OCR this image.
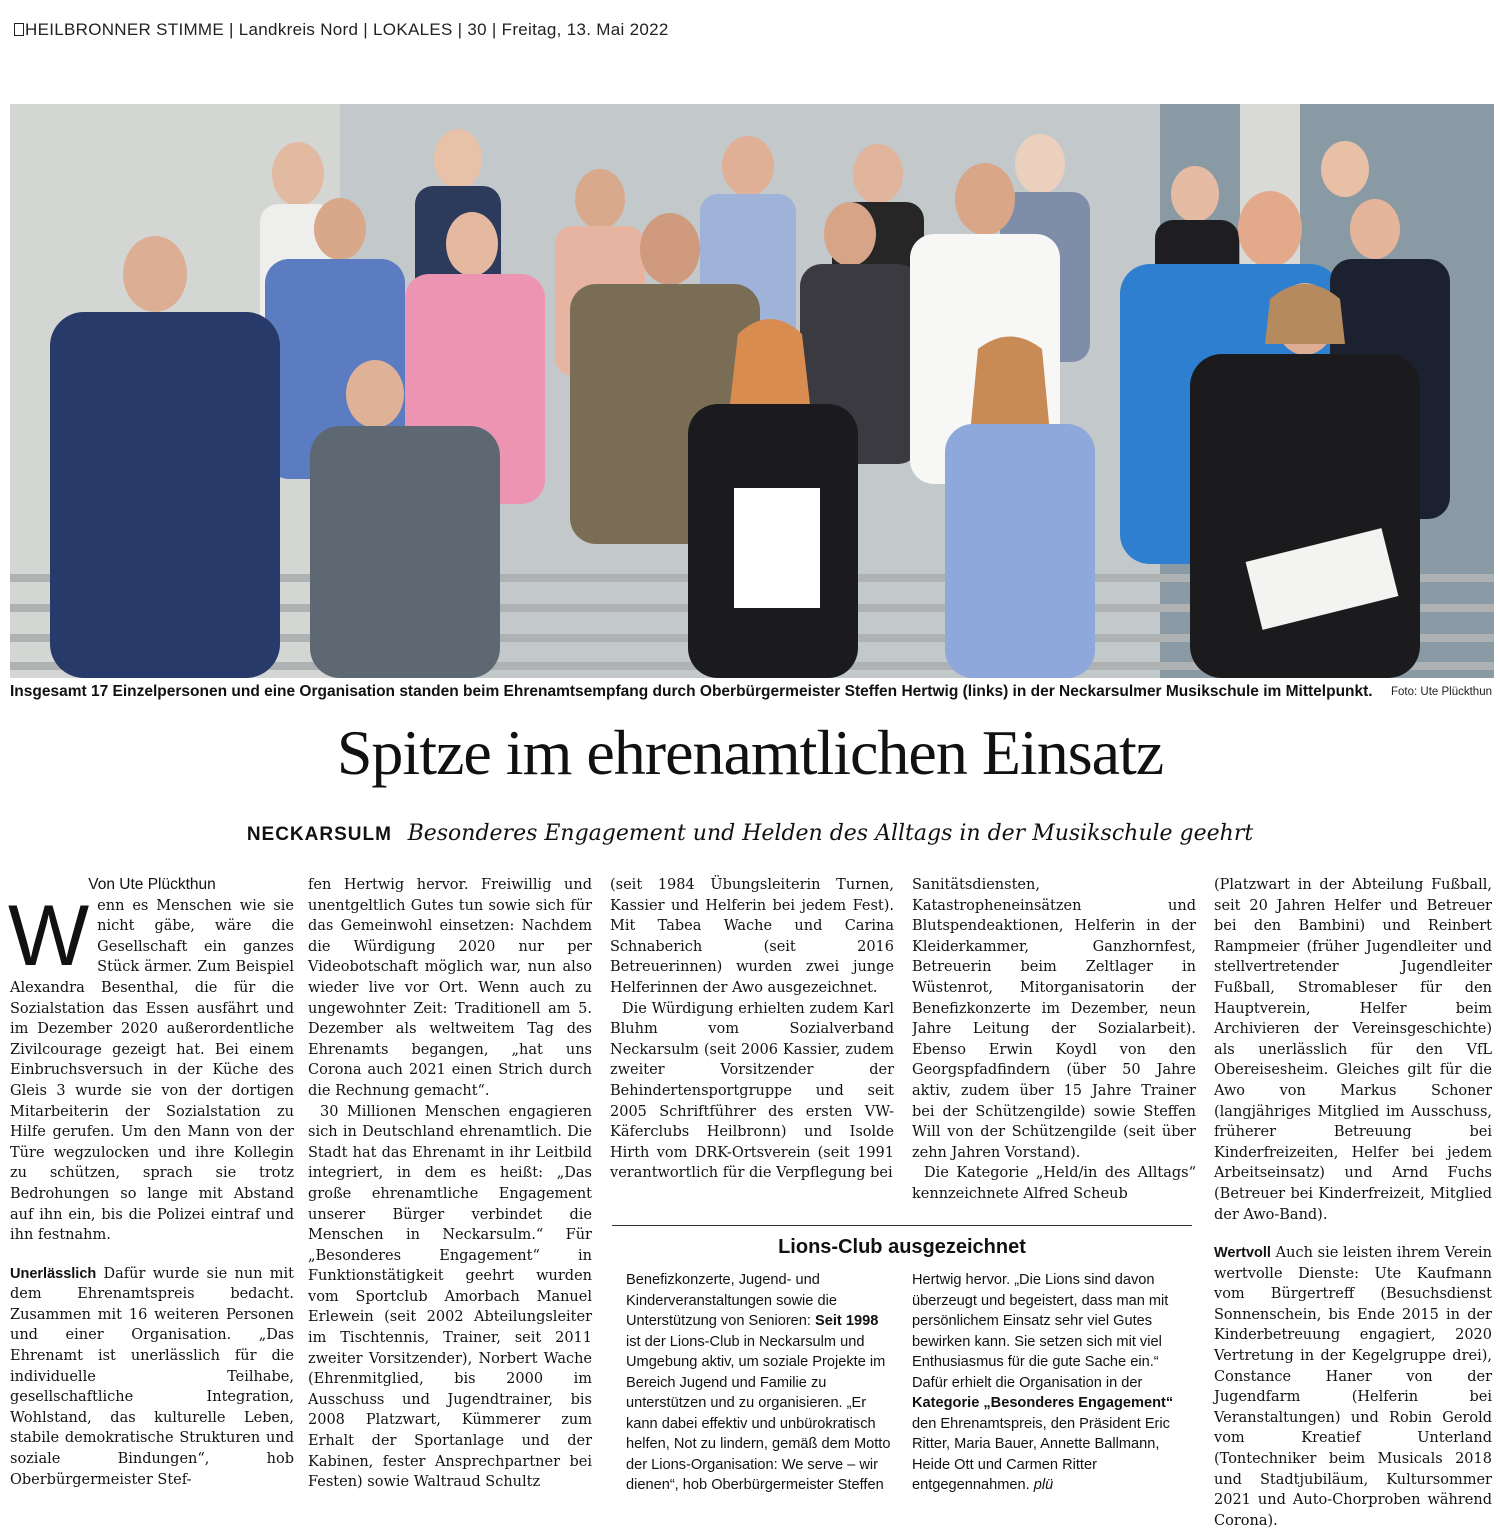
HEILBRONNER STIMME | Landkreis Nord | LOKALES | 30 | Freitag, 13. Mai 2022
Insgesamt 17 Einzelpersonen und eine Organisation standen beim Ehrenamtsempfang durch Oberbürgermeister Steffen Hertwig (links) in der Neckarsulmer Musikschule im Mittelpunkt.	Foto: Ute Plückthun
Spitze im ehrenamtlichen Einsatz
NECKARSULM Besonderes Engagement und Helden des Alltags in der Musikschule geehrt

Von Ute Plückthun

Wenn es Menschen wie sie nicht gäbe, wäre die Gesellschaft ein ganzes Stück ärmer. Zum Beispiel Alexandra Besenthal, die für die Sozialstation das Essen ausfährt und im Dezember 2020 außerordentliche Zivilcourage gezeigt hat. Bei einem Einbruchsversuch in der Küche des Gleis 3 wurde sie von der dortigen Mitarbeiterin der Sozialstation zu Hilfe gerufen. Um den Mann von der Türe wegzulocken und ihre Kollegin zu schützen, sprach sie trotz Bedrohungen so lange mit Abstand auf ihn ein, bis die Polizei eintraf und ihn festnahm.

Unerlässlich Dafür wurde sie nun mit dem Ehrenamtspreis bedacht. Zusammen mit 16 weiteren Personen und einer Organisation. „Das Ehrenamt ist unerlässlich für die individuelle Teilhabe, gesellschaftliche Integration, Wohlstand, das kulturelle Leben, stabile demokratische Strukturen und soziale Bindungen“, hob Oberbürgermeister Stef-

fen Hertwig hervor. Freiwillig und unentgeltlich Gutes tun sowie sich für das Gemeinwohl einsetzen: Nachdem die Würdigung 2020 nur per Videobotschaft möglich war, nun also wieder live vor Ort. Wenn auch zu ungewohnter Zeit: Traditionell am 5. Dezember als weltweitem Tag des Ehrenamts begangen, „hat uns Corona auch 2021 einen Strich durch die Rechnung gemacht“.

30 Millionen Menschen engagieren sich in Deutschland ehrenamtlich. Die Stadt hat das Ehrenamt in ihr Leitbild integriert, in dem es heißt: „Das große ehrenamtliche Engagement unserer Bürger verbindet die Menschen in Neckarsulm.“ Für „Besonderes Engagement“ in Funktionstätigkeit geehrt wurden vom Sportclub Amorbach Manuel Erlewein (seit 2002 Abteilungsleiter im Tischtennis, Trainer, seit 2011 zweiter Vorsitzender), Norbert Wache (Ehrenmitglied, bis 2000 im Ausschuss und Jugendtrainer, bis 2008 Platzwart, Kümmerer zum Erhalt der Sportanlage und der Kabinen, fester Ansprechpartner bei Festen) sowie Waltraud Schultz

(seit 1984 Übungsleiterin Turnen, Kassier und Helferin bei jedem Fest). Mit Tabea Wache und Carina Schnaberich (seit 2016 Betreuerinnen) wurden zwei junge Helferinnen der Awo ausgezeichnet.

Die Würdigung erhielten zudem Karl Bluhm vom Sozialverband Neckarsulm (seit 2006 Kassier, zudem zweiter Vorsitzender der Behindertensportgruppe und seit 2005 Schriftführer des ersten VW-Käferclubs Heilbronn) und Isolde Hirth vom DRK-Ortsverein (seit 1991 verantwortlich für die Verpflegung bei

Sanitätsdiensten, Katastropheneinsätzen und Blutspendeaktionen, Helferin in der Kleiderkammer, Ganzhornfest, Betreuerin beim Zeltlager in Wüstenrot, Mitorganisatorin der Benefizkonzerte im Dezember, neun Jahre Leitung der Sozialarbeit). Ebenso Erwin Koydl von den Georgspfadfindern (über 50 Jahre aktiv, zudem über 15 Jahre Trainer bei der Schützengilde) sowie Steffen Will von der Schützengilde (seit über zehn Jahren Vorstand).

Die Kategorie „Held/in des Alltags“ kennzeichnete Alfred Scheub

(Platzwart in der Abteilung Fußball, seit 20 Jahren Helfer und Betreuer bei den Bambini) und Reinbert Rampmeier (früher Jugendleiter und stellvertretender Jugendleiter Fußball, Stromableser für den Hauptverein, Helfer beim Archivieren der Vereinsgeschichte) als unerlässlich für den VfL Obereisesheim. Gleiches gilt für die Awo von Markus Schoner (langjähriges Mitglied im Ausschuss, früherer Betreuung bei Kinderfreizeiten, Helfer bei jedem Arbeitseinsatz) und Arnd Fuchs (Betreuer bei Kinderfreizeit, Mitglied der Awo-Band).

Wertvoll Auch sie leisten ihrem Verein wertvolle Dienste: Ute Kaufmann vom Bürgertreff (Besuchsdienst Sonnenschein, bis Ende 2015 in der Kinderbetreuung engagiert, 2020 Vertretung in der Kegelgruppe drei), Constance Haner von der Jugendfarm (Helferin bei Veranstaltungen) und Robin Gerold vom Kreatief Unterland (Tontechniker beim Musicals 2018 und Stadtjubiläum, Kultursommer 2021 und Auto-Chorproben während Corona).

Lions-Club ausgezeichnet
Benefizkonzerte, Jugend- und Kinderveranstaltungen sowie die Unterstützung von Senioren: Seit 1998 ist der Lions-Club in Neckarsulm und Umgebung aktiv, um soziale Projekte im Bereich Jugend und Familie zu unterstützen und zu organisieren. „Er kann dabei effektiv und unbürokratisch helfen, Not zu lindern, gemäß dem Motto der Lions-Organisation: We serve – wir dienen“, hob Oberbürgermeister Steffen
Hertwig hervor. „Die Lions sind davon überzeugt und begeistert, dass man mit persönlichem Einsatz sehr viel Gutes bewirken kann. Sie setzen sich mit viel Enthusiasmus für die gute Sache ein.“ Dafür erhielt die Organisation in der Kategorie „Besonderes Engagement“ den Ehrenamtspreis, den Präsident Eric Ritter, Maria Bauer, Annette Ballmann, Heide Ott und Carmen Ritter entgegennahmen. plü
